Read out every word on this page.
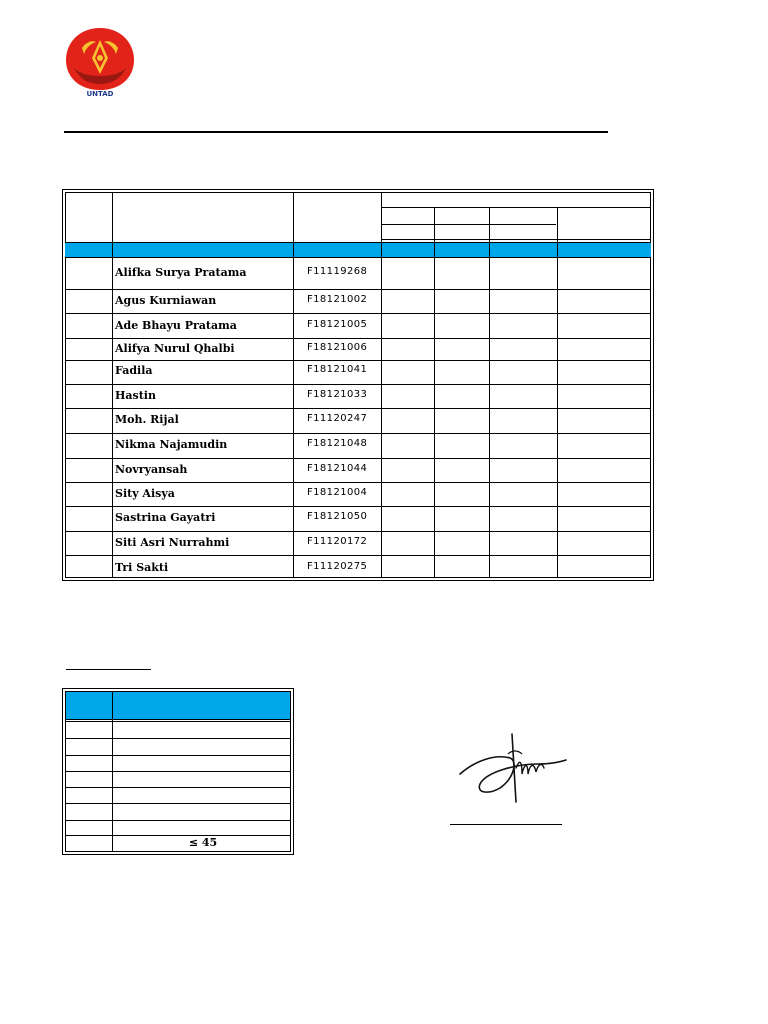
UNTAD
Alifka Surya Pratama	F11119268
Agus Kurniawan	F18121002
Ade Bhayu Pratama	F18121005
Alifya Nurul Qhalbi	F18121006
Fadila	F18121041
Hastin	F18121033
Moh. Rijal	F11120247
Nikma Najamudin	F18121048
Novryansah	F18121044
Sity Aisya	F18121004
Sastrina Gayatri	F18121050
Siti Asri Nurrahmi	F11120172
Tri Sakti	F11120275
≤ 45
